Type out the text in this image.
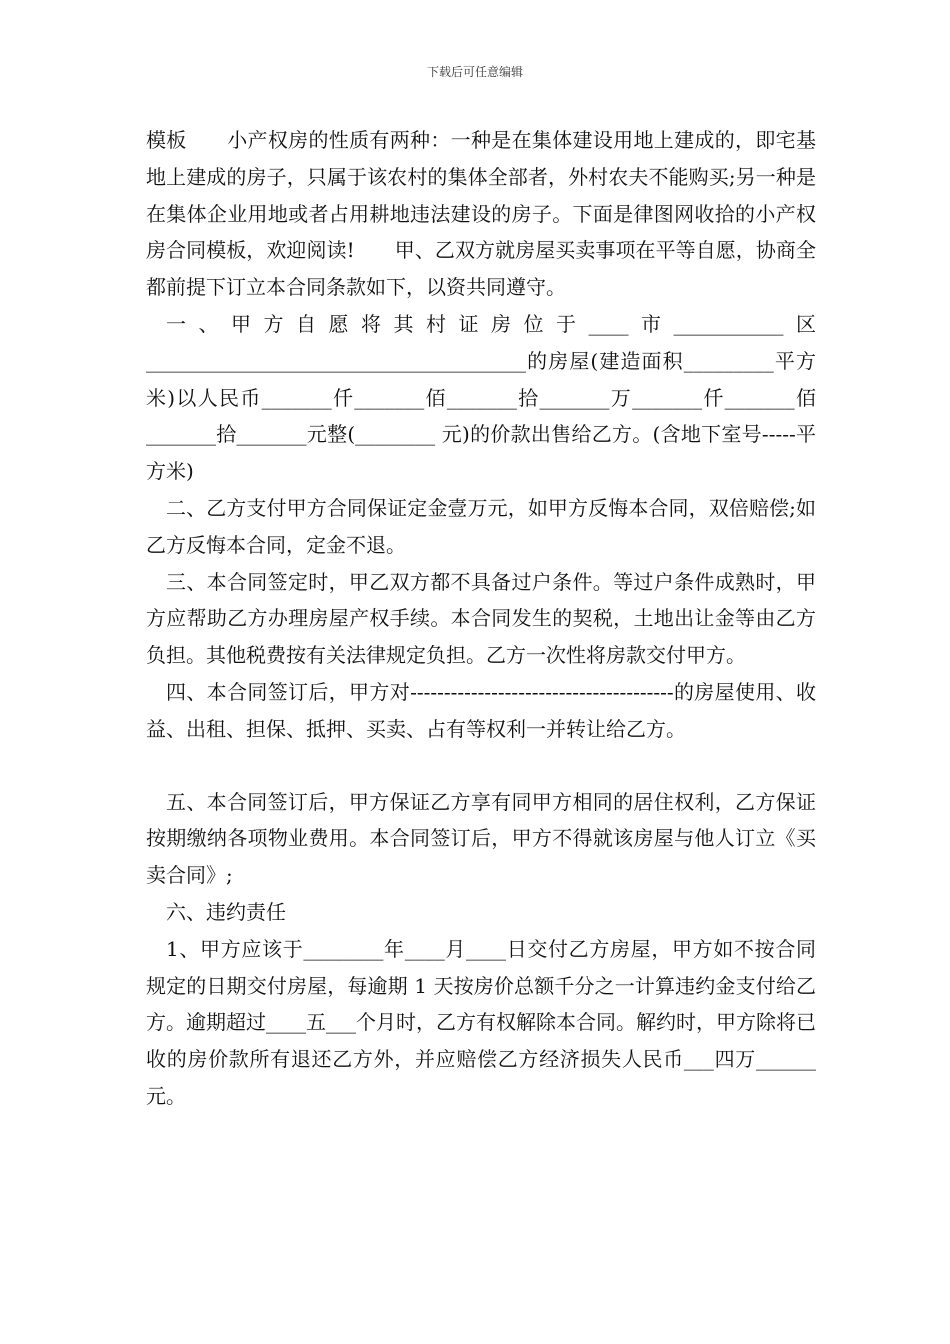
下载后可任意编辑

模板　　小产权房的性质有两种：一种是在集体建设用地上建成的，即宅基地上建成的房子，只属于该农村的集体全部者，外村农夫不能购买;另一种是在集体企业用地或者占用耕地违法建设的房子。下面是律图网收拾的小产权房合同模板，欢迎阅读!　　甲、乙双方就房屋买卖事项在平等自愿，协商全都前提下订立本合同条款如下，以资共同遵守。

一、甲方自愿将其村证房位于____市___________区______________________________________的房屋(建造面积_________平方米)以人民币_______仟_______佰_______拾_______万_______仟_______佰_______拾_______元整(________ 元)的价款出售给乙方。(含地下室号-----平方米)

二、乙方支付甲方合同保证定金壹万元，如甲方反悔本合同，双倍赔偿;如乙方反悔本合同，定金不退。

三、本合同签定时，甲乙双方都不具备过户条件。等过户条件成熟时，甲方应帮助乙方办理房屋产权手续。本合同发生的契税，土地出让金等由乙方负担。其他税费按有关法律规定负担。乙方一次性将房款交付甲方。

四、本合同签订后，甲方对---------------------------------------的房屋使用、收益、出租、担保、抵押、买卖、占有等权利一并转让给乙方。

五、本合同签订后，甲方保证乙方享有同甲方相同的居住权利，乙方保证按期缴纳各项物业费用。本合同签订后，甲方不得就该房屋与他人订立《买卖合同》;

六、违约责任

1、甲方应该于________年____月____日交付乙方房屋，甲方如不按合同规定的日期交付房屋，每逾期 1 天按房价总额千分之一计算违约金支付给乙方。逾期超过____五___个月时，乙方有权解除本合同。解约时，甲方除将已收的房价款所有退还乙方外，并应赔偿乙方经济损失人民币___四万______元。
